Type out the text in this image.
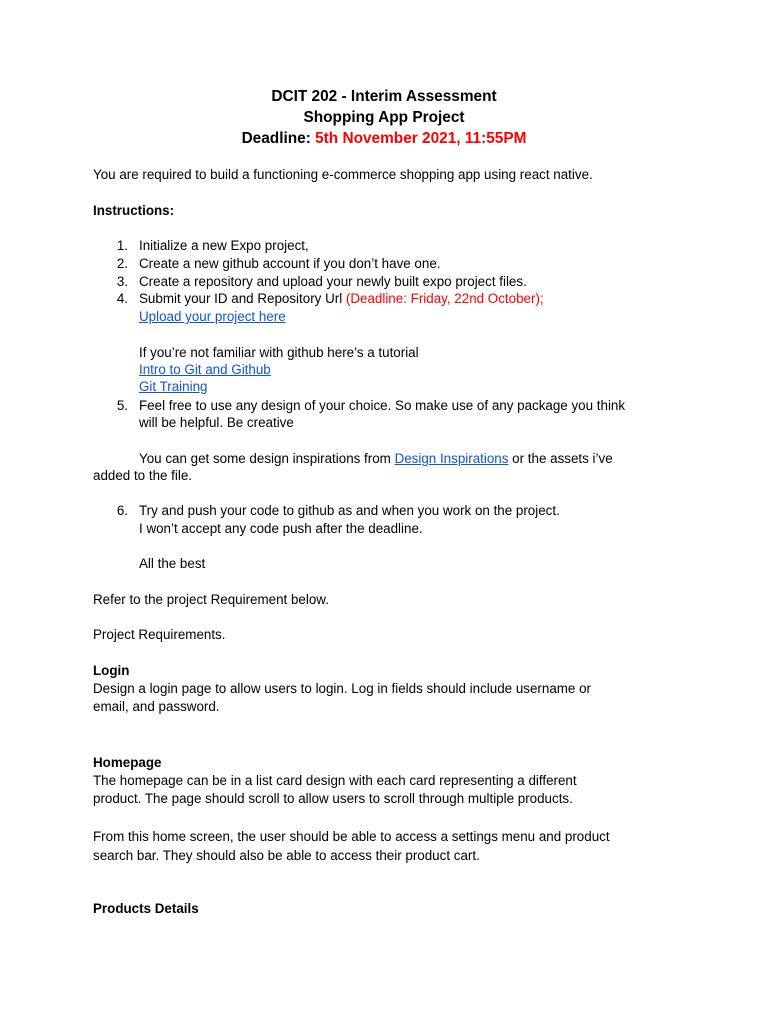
DCIT 202 - Interim Assessment
Shopping App Project
Deadline: 5th November 2021, 11:55PM
You are required to build a functioning e-commerce shopping app using react native.
Instructions:
1. Initialize a new Expo project,
2. Create a new github account if you don’t have one.
3. Create a repository and upload your newly built expo project files.
4. Submit your ID and Repository Url (Deadline: Friday, 22nd October);
Upload your project here
If you’re not familiar with github here’s a tutorial
Intro to Git and Github
Git Training
5. Feel free to use any design of your choice. So make use of any package you think
will be helpful. Be creative
You can get some design inspirations from Design Inspirations or the assets i’ve
added to the file.
6. Try and push your code to github as and when you work on the project.
I won’t accept any code push after the deadline.
All the best
Refer to the project Requirement below.
Project Requirements.
Login
Design a login page to allow users to login. Log in fields should include username or
email, and password.
Homepage
The homepage can be in a list card design with each card representing a different
product. The page should scroll to allow users to scroll through multiple products.
From this home screen, the user should be able to access a settings menu and product
search bar. They should also be able to access their product cart.
Products Details
